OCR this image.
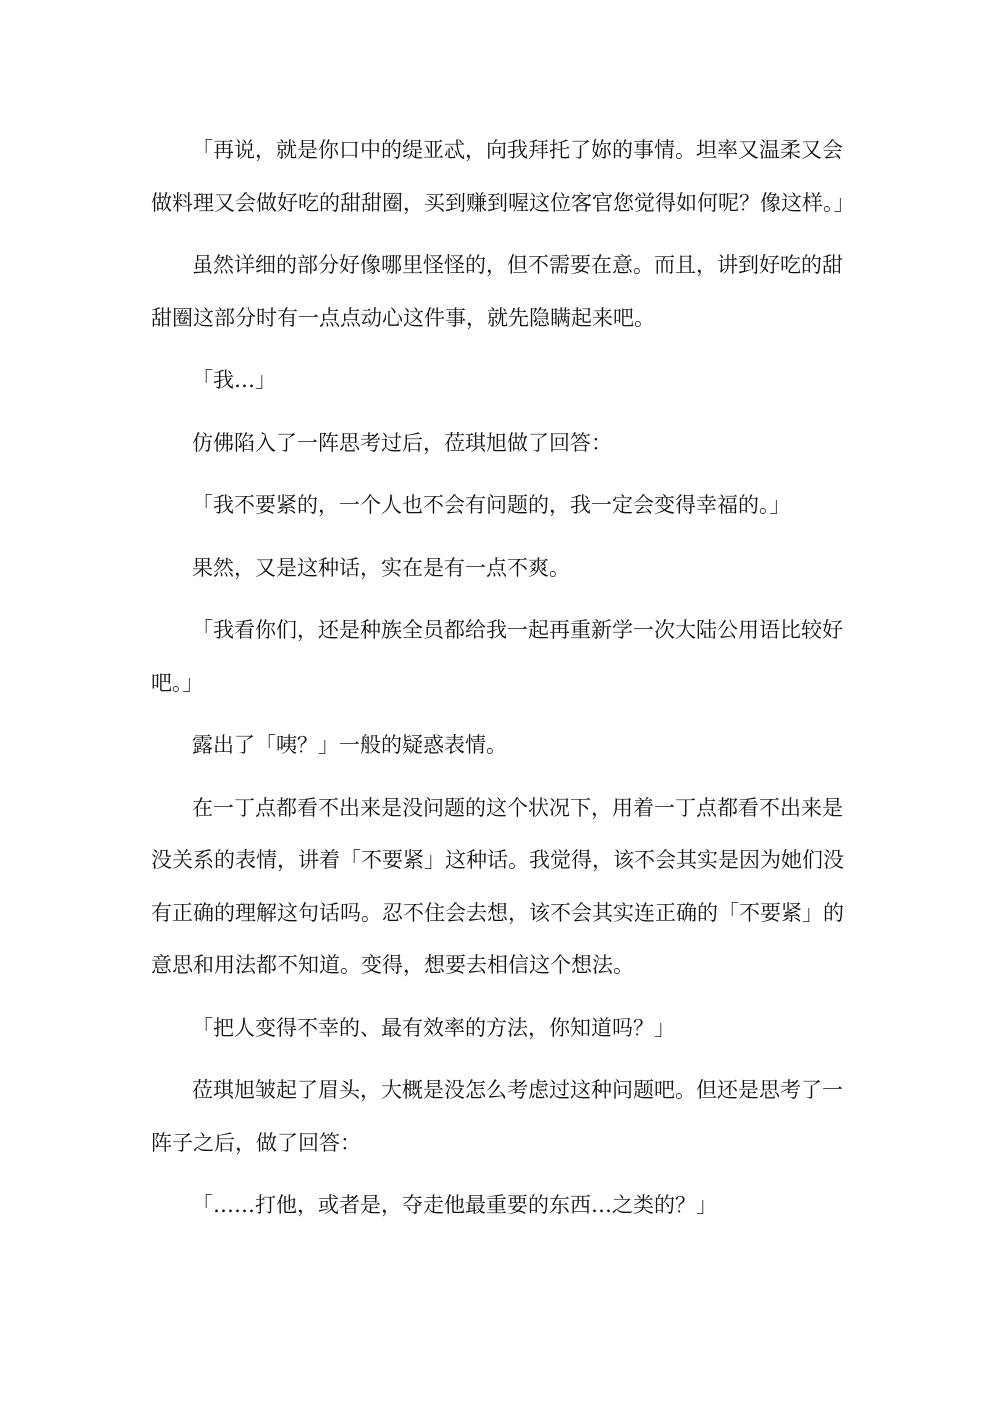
「再说，就是你口中的缇亚忒，向我拜托了妳的事情。坦率又温柔又会做料理又会做好吃的甜甜圈，买到赚到喔这位客官您觉得如何呢？像这样。」

虽然详细的部分好像哪里怪怪的，但不需要在意。而且，讲到好吃的甜甜圈这部分时有一点点动心这件事，就先隐瞒起来吧。

「我…」

仿佛陷入了一阵思考过后，莅琪旭做了回答：

「我不要紧的，一个人也不会有问题的，我一定会变得幸福的。」

果然，又是这种话，实在是有一点不爽。

「我看你们，还是种族全员都给我一起再重新学一次大陆公用语比较好吧。」

露出了「咦？」一般的疑惑表情。

在一丁点都看不出来是没问题的这个状况下，用着一丁点都看不出来是没关系的表情，讲着「不要紧」这种话。我觉得，该不会其实是因为她们没有正确的理解这句话吗。忍不住会去想，该不会其实连正确的「不要紧」的意思和用法都不知道。变得，想要去相信这个想法。

「把人变得不幸的、最有效率的方法，你知道吗？」

莅琪旭皱起了眉头，大概是没怎么考虑过这种问题吧。但还是思考了一阵子之后，做了回答：

「……打他，或者是，夺走他最重要的东西…之类的？」
